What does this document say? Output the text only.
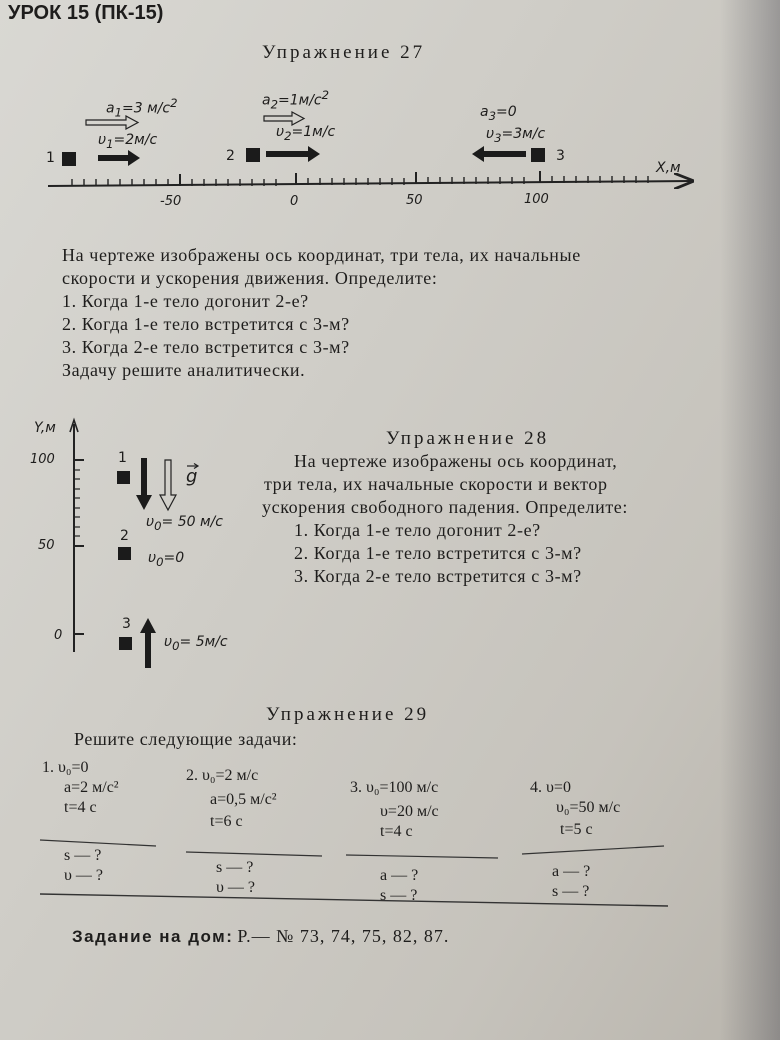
УРОК 15 (ПК-15)
Упражнение 27
$a_1=3$ $м/с^2$
$\upsilon_1=2м/с$
1
$a_2=1м/с^2$
$\upsilon_2=1м/с$
2
$a_3=0$
$\upsilon_3=3м/с$
3
X,м
-50	0	50	100
На чертеже изображены ось координат, три тела, их начальные
скорости и ускорения движения. Определите:
1. Когда 1-е тело догонит 2-е?
2. Когда 1-е тело встретится с 3-м?
3. Когда 2-е тело встретится с 3-м?
Задачу решите аналитически.
Y,м
100
50
0
1
g
$\upsilon_0= 50$ м/с
2
$\upsilon_0=0$
3
$\upsilon_0= 5м/с$
Упражнение 28
На чертеже изображены ось координат,
три тела, их начальные скорости и вектор
ускорения свободного падения. Определите:
1. Когда 1-е тело догонит 2-е?
2. Когда 1-е тело встретится с 3-м?
3. Когда 2-е тело встретится с 3-м?
Упражнение 29
Решите следующие задачи:
1. υ₀=0
a=2 м/с²
t=4 с
s — ?
υ — ?
2. υ₀=2 м/с
a=0,5 м/с²
t=6 с
s — ?
υ — ?
3. υ₀=100 м/с
υ=20 м/с
t=4 с
a — ?
s — ?
4. υ=0
υ₀=50 м/с
t=5 с
a — ?
s — ?
Задание на дом: Р.— № 73, 74, 75, 82, 87.
